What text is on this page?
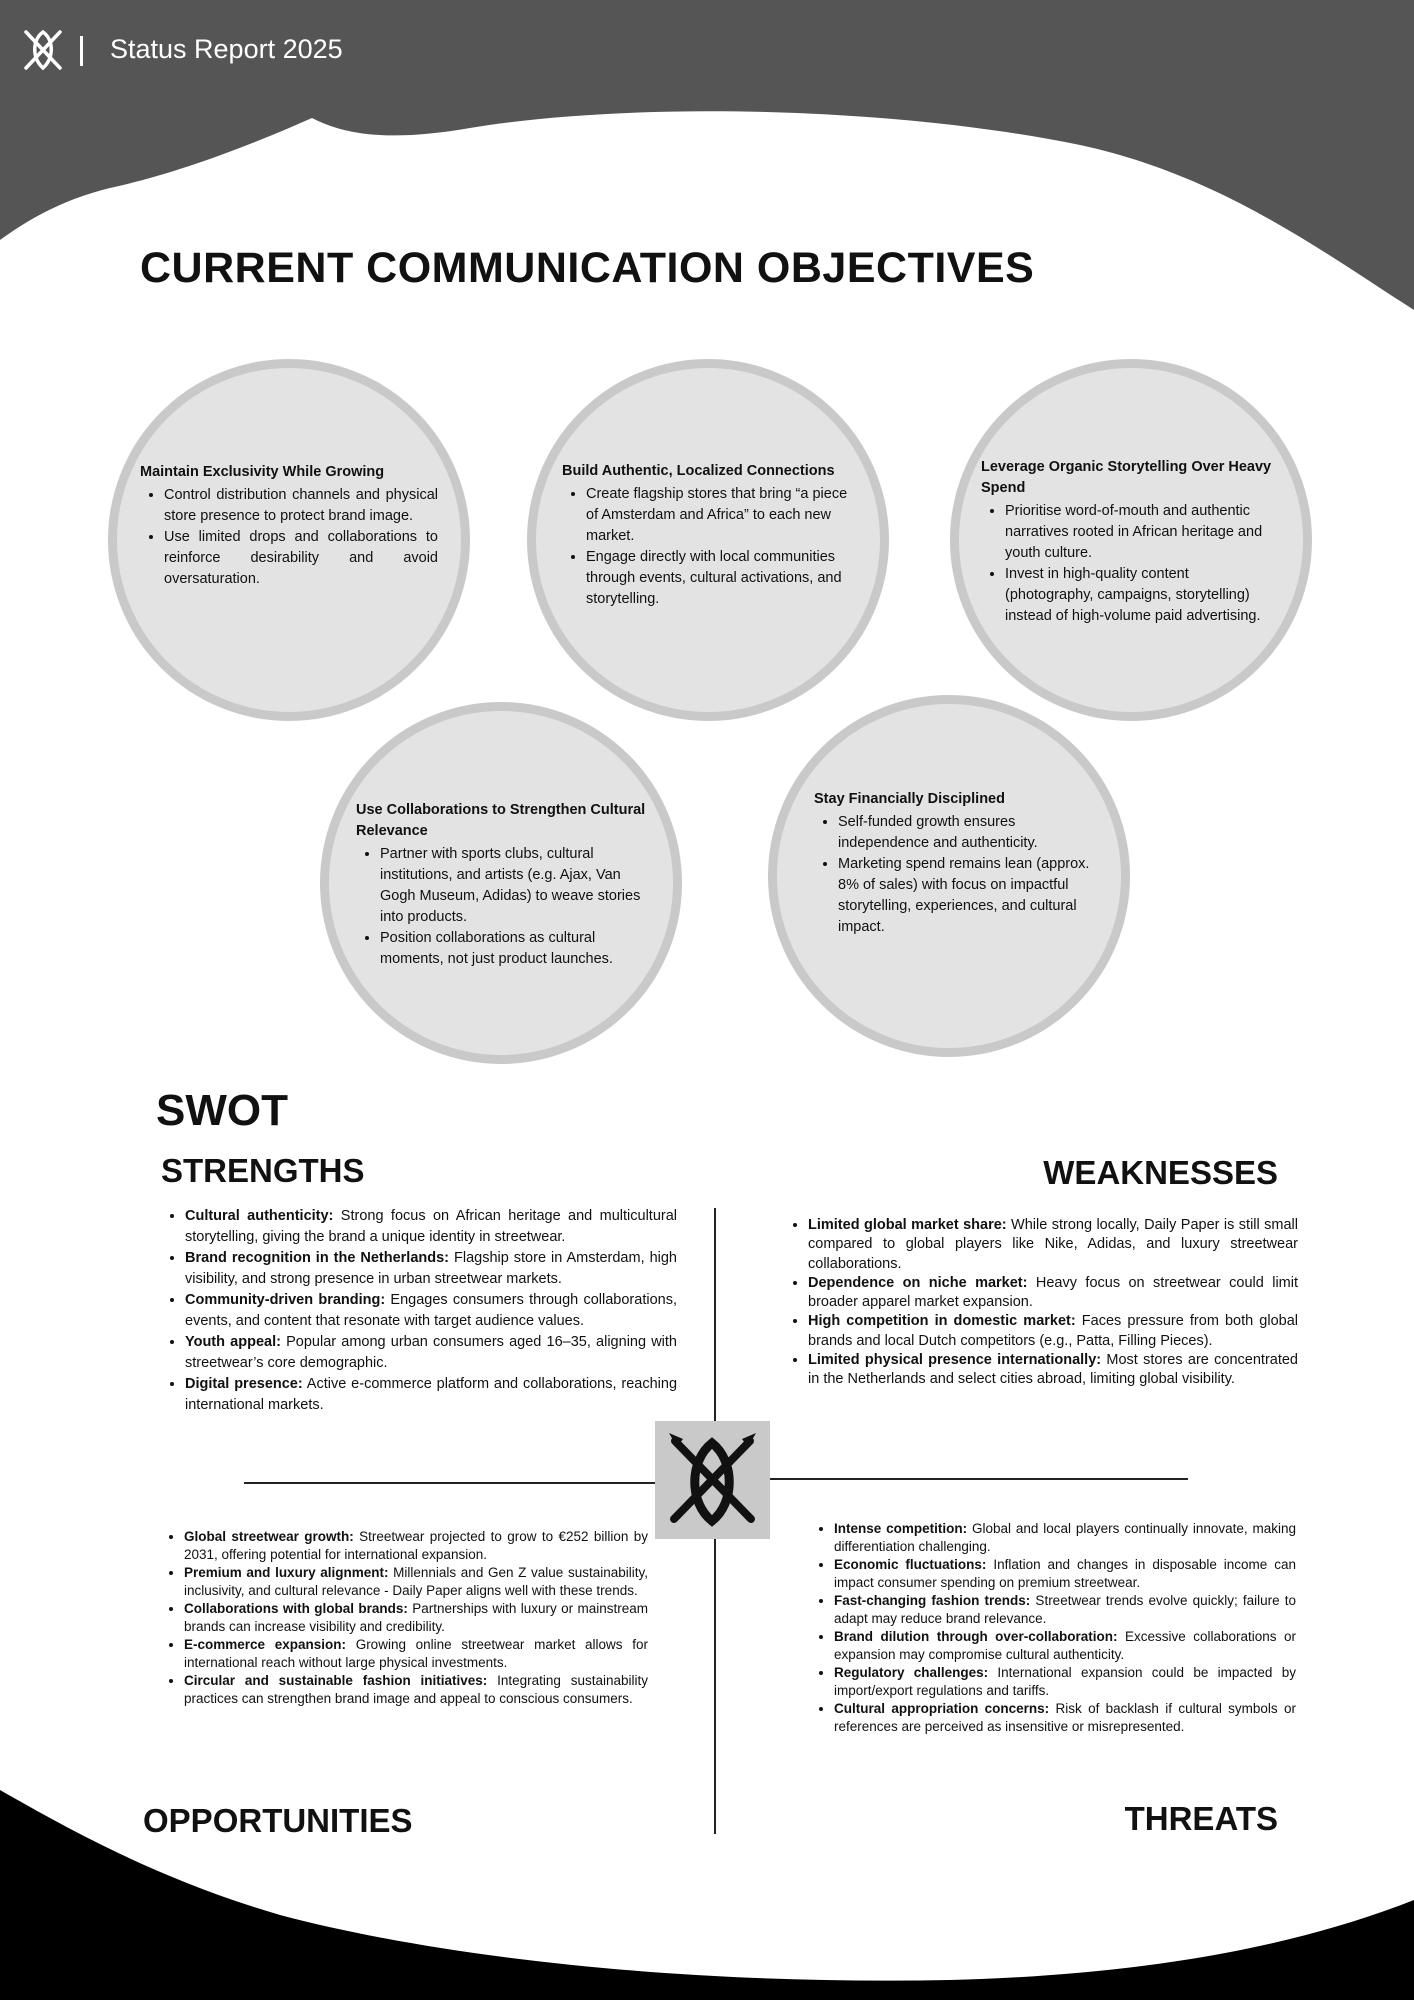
Status Report 2025
CURRENT COMMUNICATION OBJECTIVES
Maintain Exclusivity While Growing
• Control distribution channels and physical store presence to protect brand image.
• Use limited drops and collaborations to reinforce desirability and avoid oversaturation.
Build Authentic, Localized Connections
• Create flagship stores that bring “a piece of Amsterdam and Africa” to each new market.
• Engage directly with local communities through events, cultural activations, and storytelling.
Leverage Organic Storytelling Over Heavy Spend
• Prioritise word-of-mouth and authentic narratives rooted in African heritage and youth culture.
• Invest in high-quality content (photography, campaigns, storytelling) instead of high-volume paid advertising.
Use Collaborations to Strengthen Cultural Relevance
• Partner with sports clubs, cultural institutions, and artists (e.g. Ajax, Van Gogh Museum, Adidas) to weave stories into products.
• Position collaborations as cultural moments, not just product launches.
Stay Financially Disciplined
• Self-funded growth ensures independence and authenticity.
• Marketing spend remains lean (approx. 8% of sales) with focus on impactful storytelling, experiences, and cultural impact.
SWOT
STRENGTHS	WEAKNESSES
OPPORTUNITIES	THREATS
• Cultural authenticity: Strong focus on African heritage and multicultural storytelling, giving the brand a unique identity in streetwear.
• Brand recognition in the Netherlands: Flagship store in Amsterdam, high visibility, and strong presence in urban streetwear markets.
• Community-driven branding: Engages consumers through collaborations, events, and content that resonate with target audience values.
• Youth appeal: Popular among urban consumers aged 16–35, aligning with streetwear’s core demographic.
• Digital presence: Active e-commerce platform and collaborations, reaching international markets.
• Limited global market share: While strong locally, Daily Paper is still small compared to global players like Nike, Adidas, and luxury streetwear collaborations.
• Dependence on niche market: Heavy focus on streetwear could limit broader apparel market expansion.
• High competition in domestic market: Faces pressure from both global brands and local Dutch competitors (e.g., Patta, Filling Pieces).
• Limited physical presence internationally: Most stores are concentrated in the Netherlands and select cities abroad, limiting global visibility.
• Global streetwear growth: Streetwear projected to grow to €252 billion by 2031, offering potential for international expansion.
• Premium and luxury alignment: Millennials and Gen Z value sustainability, inclusivity, and cultural relevance - Daily Paper aligns well with these trends.
• Collaborations with global brands: Partnerships with luxury or mainstream brands can increase visibility and credibility.
• E-commerce expansion: Growing online streetwear market allows for international reach without large physical investments.
• Circular and sustainable fashion initiatives: Integrating sustainability practices can strengthen brand image and appeal to conscious consumers.
• Intense competition: Global and local players continually innovate, making differentiation challenging.
• Economic fluctuations: Inflation and changes in disposable income can impact consumer spending on premium streetwear.
• Fast-changing fashion trends: Streetwear trends evolve quickly; failure to adapt may reduce brand relevance.
• Brand dilution through over-collaboration: Excessive collaborations or expansion may compromise cultural authenticity.
• Regulatory challenges: International expansion could be impacted by import/export regulations and tariffs.
• Cultural appropriation concerns: Risk of backlash if cultural symbols or references are perceived as insensitive or misrepresented.
